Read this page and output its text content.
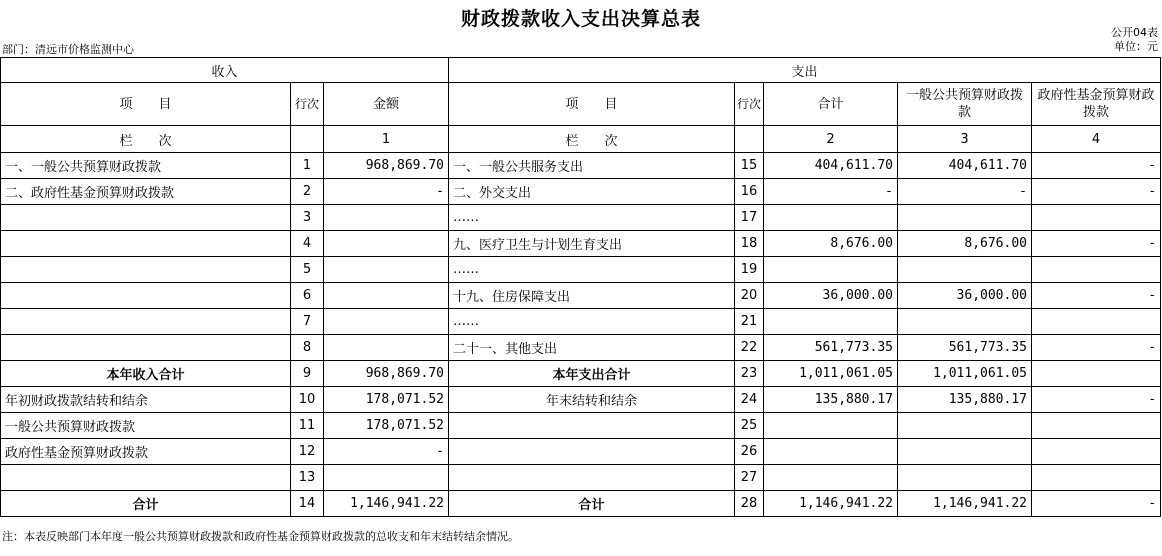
财政拨款收入支出决算总表
公开04表
单位：元
部门：清远市价格监测中心
收入			支出				
项　　目	行次	金额	项　　目	行次	合计	一般公共预算财政拨款	政府性基金预算财政拨款
栏　　次		1	栏　　次		2	3	4
一、一般公共预算财政拨款	1	968,869.70	一、一般公共服务支出	15	404,611.70	404,611.70	-
二、政府性基金预算财政拨款	2	-	二、外交支出	16	-	-	-
	3		……	17			
	4		九、医疗卫生与计划生育支出	18	8,676.00	8,676.00	-
	5		……	19			
	6		十九、住房保障支出	20	36,000.00	36,000.00	-
	7		……	21			
	8		二十一、其他支出	22	561,773.35	561,773.35	-
本年收入合计	9	968,869.70	本年支出合计	23	1,011,061.05	1,011,061.05	
年初财政拨款结转和结余	10	178,071.52	年末结转和结余	24	135,880.17	135,880.17	-
一般公共预算财政拨款	11	178,071.52		25			
政府性基金预算财政拨款	12	-		26			
	13			27			
合计	14	1,146,941.22	合计	28	1,146,941.22	1,146,941.22	-
注：本表反映部门本年度一般公共预算财政拨款和政府性基金预算财政拨款的总收支和年末结转结余情况。
